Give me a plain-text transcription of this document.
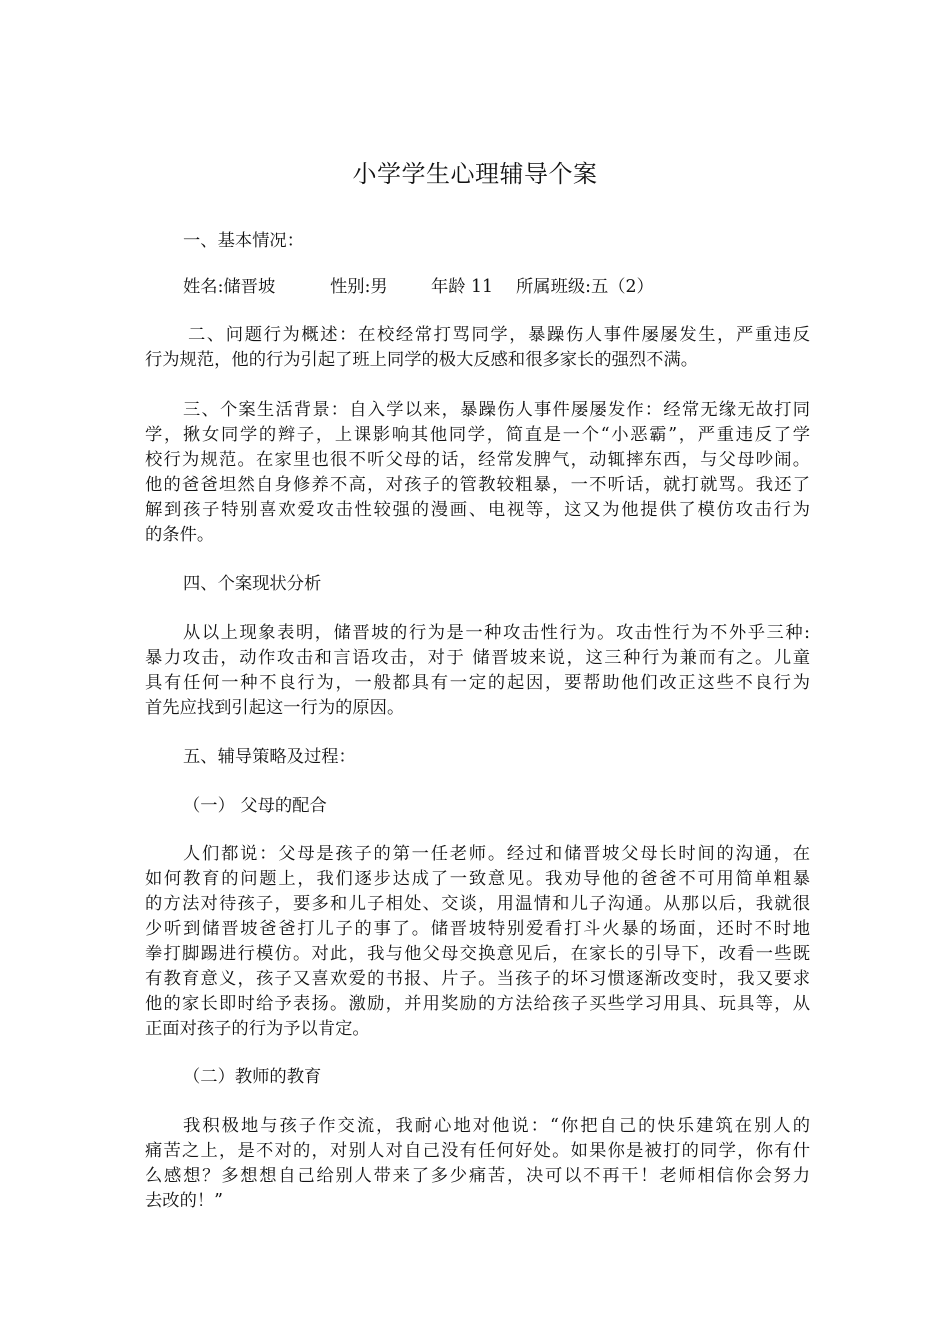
小学学生心理辅导个案
一、基本情况：
姓名:储晋坡	性别:男	年龄 11 所属班级:五（2）
二、问题行为概述：在校经常打骂同学，暴躁伤人事件屡屡发生，严重违反
行为规范，他的行为引起了班上同学的极大反感和很多家长的强烈不满。
三、个案生活背景：自入学以来，暴躁伤人事件屡屡发作：经常无缘无故打同
学，揪女同学的辫子，上课影响其他同学，简直是一个“小恶霸”，严重违反了学
校行为规范。在家里也很不听父母的话，经常发脾气，动辄摔东西，与父母吵闹。
他的爸爸坦然自身修养不高，对孩子的管教较粗暴，一不听话，就打就骂。我还了
解到孩子特别喜欢爱攻击性较强的漫画、电视等，这又为他提供了模仿攻击行为
的条件。
四、个案现状分析
从以上现象表明，储晋坡的行为是一种攻击性行为。攻击性行为不外乎三种:
暴力攻击，动作攻击和言语攻击，对于 储晋坡来说，这三种行为兼而有之。儿童
具有任何一种不良行为，一般都具有一定的起因，要帮助他们改正这些不良行为
首先应找到引起这一行为的原因。
五、辅导策略及过程：
（一） 父母的配合
人们都说：父母是孩子的第一任老师。经过和储晋坡父母长时间的沟通，在
如何教育的问题上，我们逐步达成了一致意见。我劝导他的爸爸不可用简单粗暴
的方法对待孩子，要多和儿子相处、交谈，用温情和儿子沟通。从那以后，我就很
少听到储晋坡爸爸打儿子的事了。储晋坡特别爱看打斗火暴的场面，还时不时地
拳打脚踢进行模仿。对此，我与他父母交换意见后，在家长的引导下，改看一些既
有教育意义，孩子又喜欢爱的书报、片子。当孩子的坏习惯逐渐改变时，我又要求
他的家长即时给予表扬。激励，并用奖励的方法给孩子买些学习用具、玩具等，从
正面对孩子的行为予以肯定。
（二）教师的教育
我积极地与孩子作交流，我耐心地对他说：“你把自己的快乐建筑在别人的
痛苦之上，是不对的，对别人对自己没有任何好处。如果你是被打的同学，你有什
么感想？多想想自己给别人带来了多少痛苦，决可以不再干！老师相信你会努力
去改的！”
